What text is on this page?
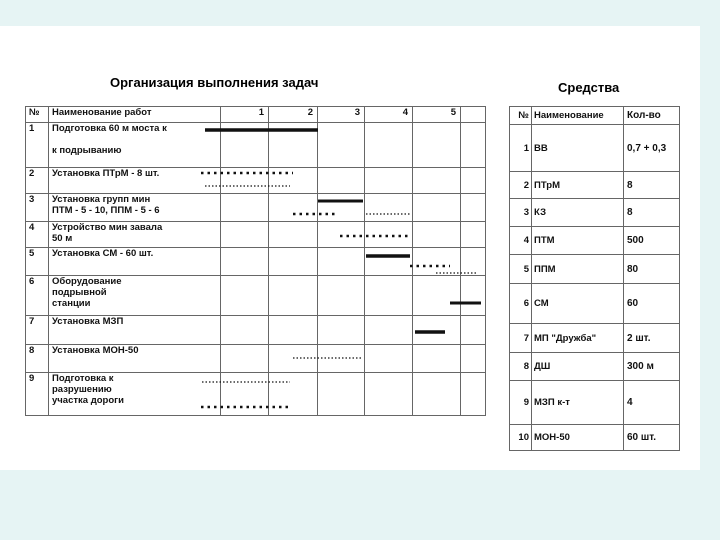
Организация выполнения задач	Средства
№	Наименование работ	1	2	3	4	5	
1	Подготовка 60 м моста к

к подрыванию						
2	Установка ПТрМ - 8 шт.						
3	Установка групп мин
ПТМ - 5 - 10, ППМ - 5 - 6						
4	Устройство мин завала
50 м						
5	Установка СМ - 60 шт.						
6	Оборудование
подрывной
станции						
7	Установка МЗП						
8	Установка МОН-50						
9	Подготовка к
разрушению
участка дороги						
№	Наименование	Кол-во
1	ВВ	0,7 + 0,3
2	ПТрМ	8
3	КЗ	8
4	ПТМ	500
5	ППМ	80
6	СМ	60
7	МП "Дружба"	2 шт.
8	ДШ	300 м
9	МЗП к-т	4
10	МОН-50	60 шт.
